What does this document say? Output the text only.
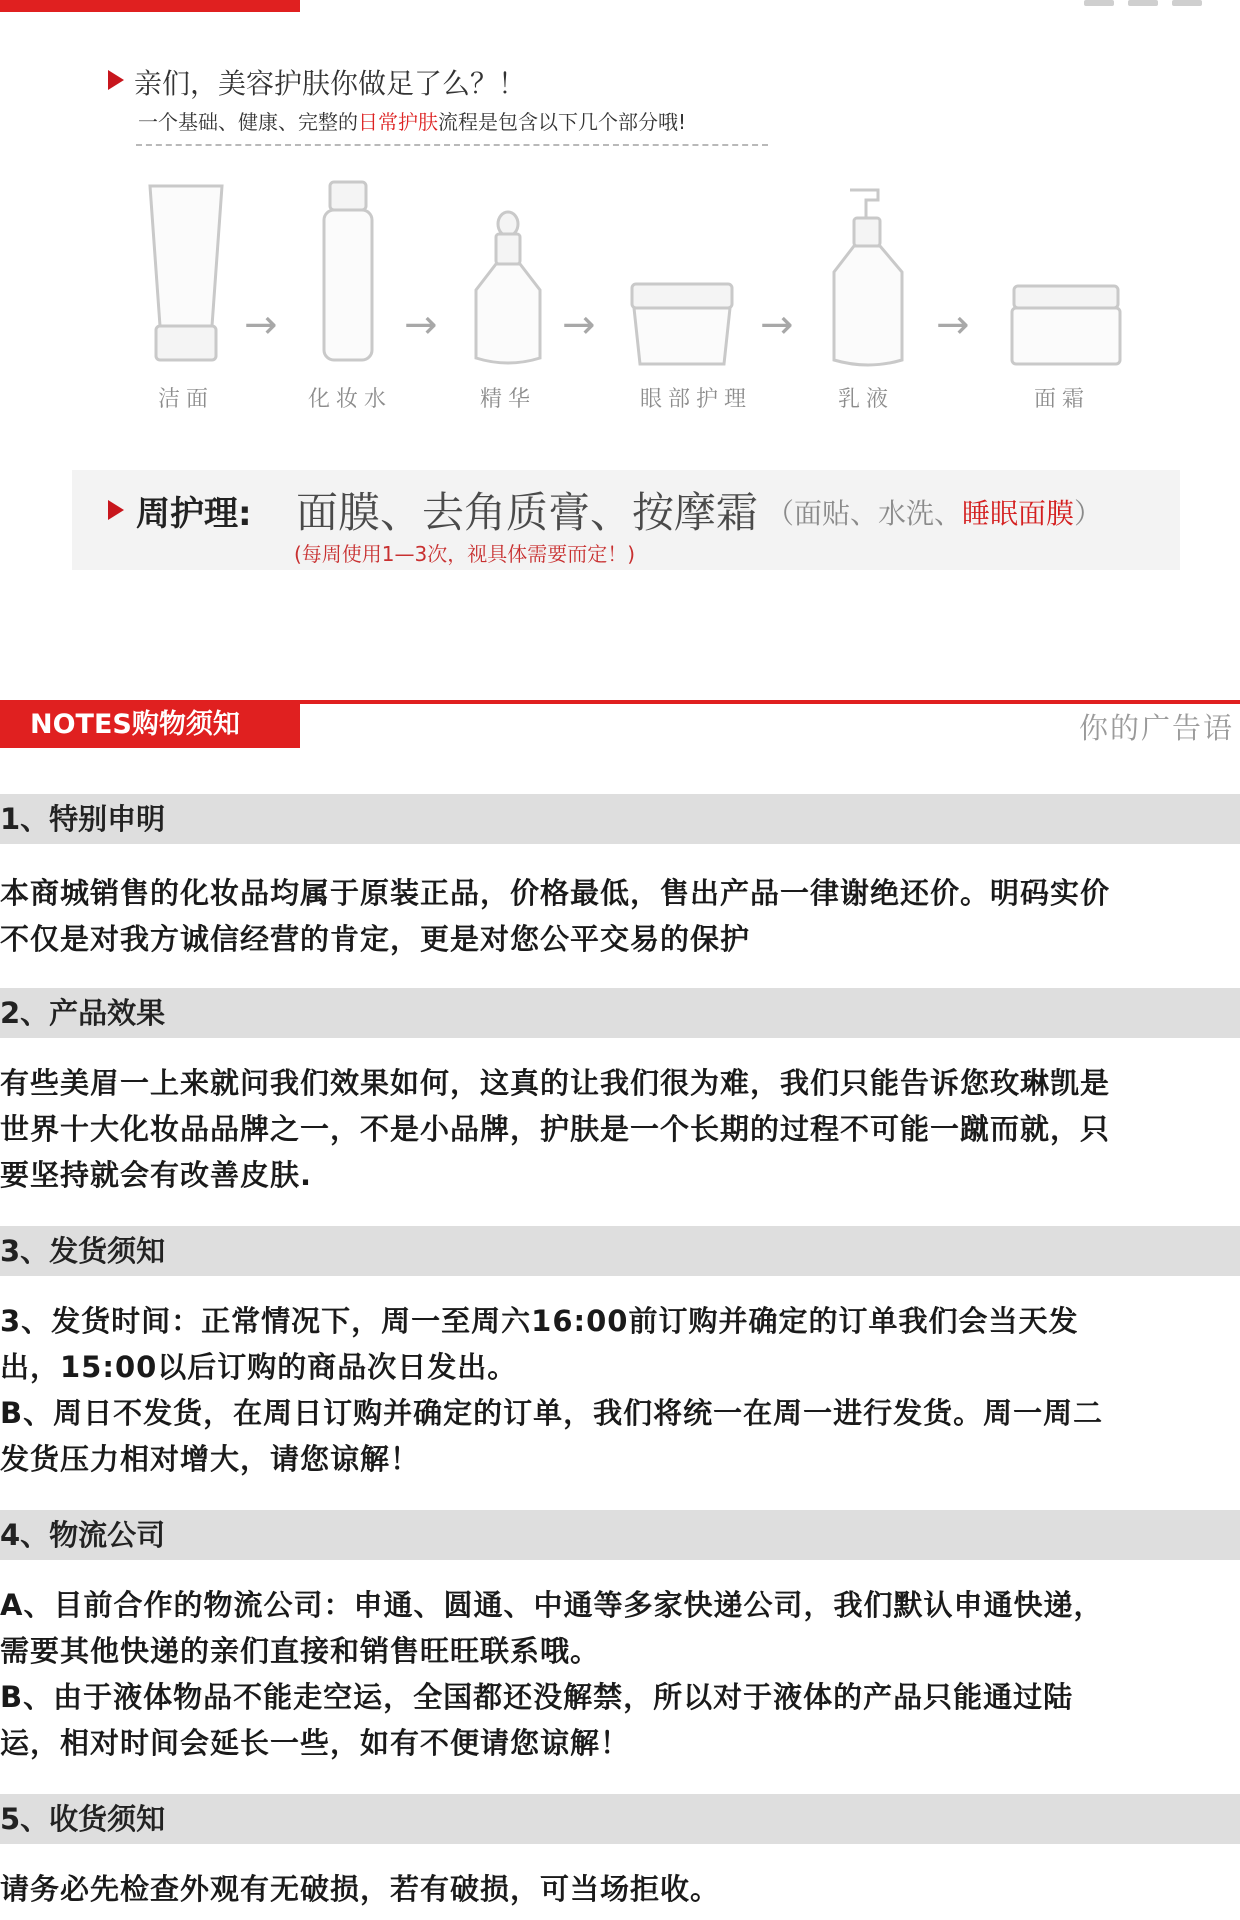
亲们，美容护肤你做足了么？！
一个基础、健康、完整的日常护肤流程是包含以下几个部分哦!
→	→	→	→	→
洁面	化妆水	精华	眼部护理	乳液	面霜
周护理: 面膜、去角质膏、按摩霜 （面贴、水洗、睡眠面膜）
(每周使用1—3次，视具体需要而定！)
NOTES购物须知	你的广告语
1、特别申明

本商城销售的化妆品均属于原装正品，价格最低，售出产品一律谢绝还价。明码实价

不仅是对我方诚信经营的肯定，更是对您公平交易的保护

2、产品效果

有些美眉一上来就问我们效果如何，这真的让我们很为难，我们只能告诉您玫琳凯是

世界十大化妆品品牌之一，不是小品牌，护肤是一个长期的过程不可能一蹴而就，只

要坚持就会有改善皮肤.

3、发货须知

3、发货时间：正常情况下，周一至周六16:00前订购并确定的订单我们会当天发

出，15:00以后订购的商品次日发出。

B、周日不发货，在周日订购并确定的订单，我们将统一在周一进行发货。周一周二

发货压力相对增大，请您谅解！

4、物流公司

A、目前合作的物流公司：申通、圆通、中通等多家快递公司，我们默认申通快递，

需要其他快递的亲们直接和销售旺旺联系哦。

B、由于液体物品不能走空运，全国都还没解禁，所以对于液体的产品只能通过陆

运，相对时间会延长一些，如有不便请您谅解！

5、收货须知

请务必先检查外观有无破损，若有破损，可当场拒收。
